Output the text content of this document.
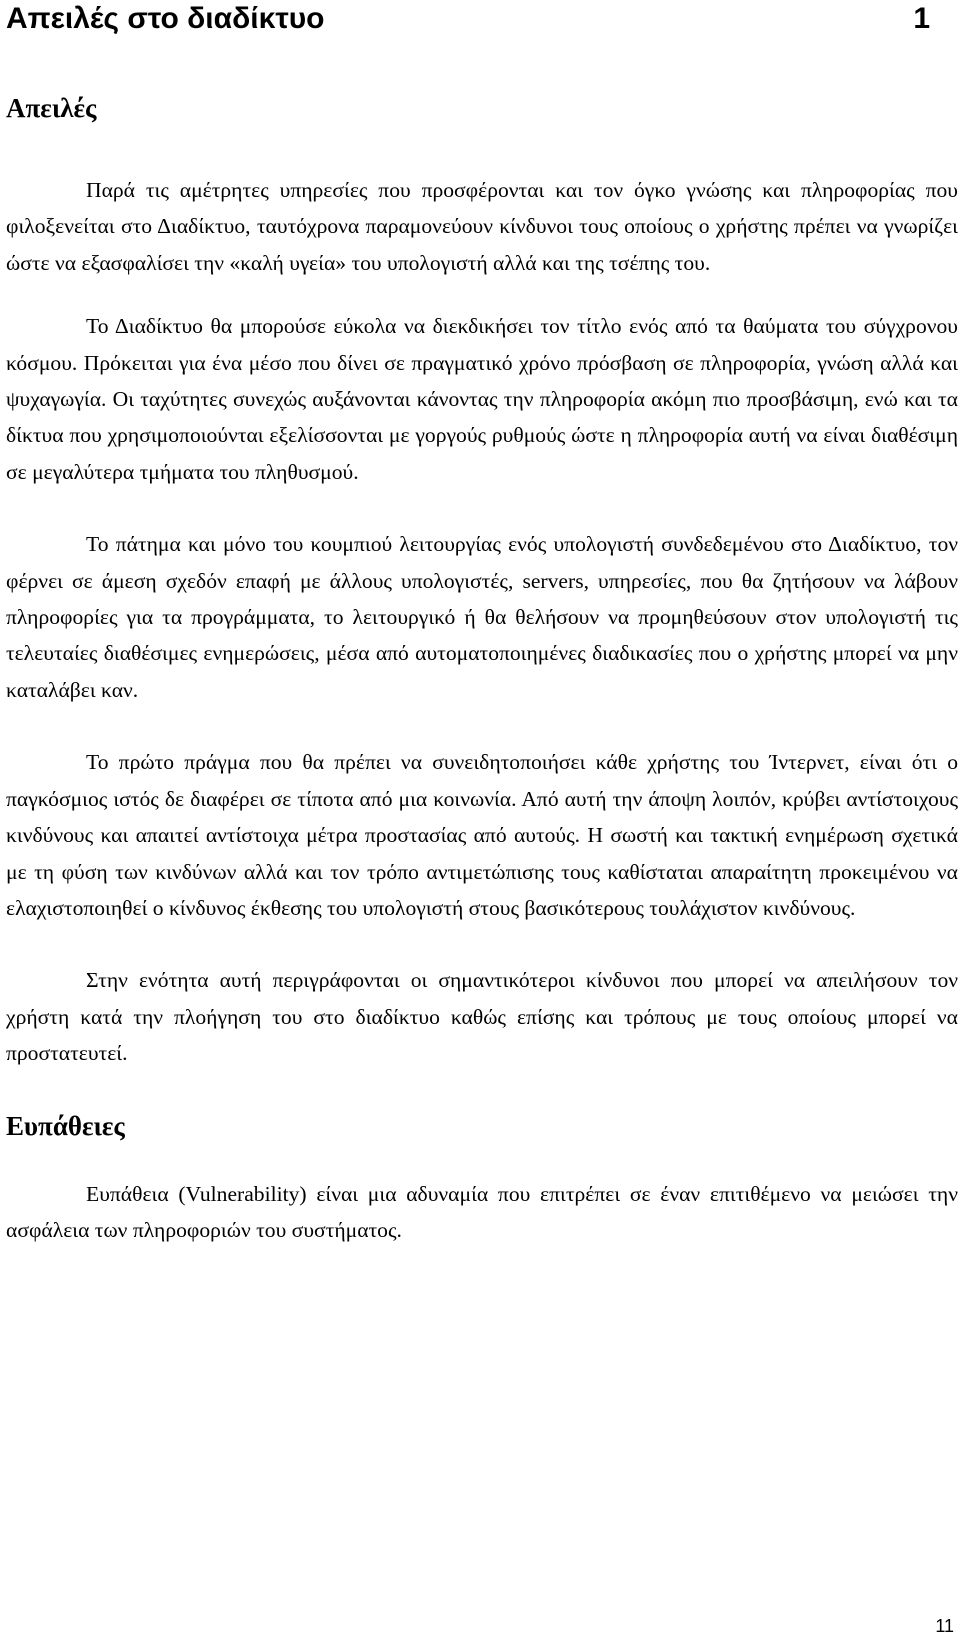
Απειλές στο διαδίκτυο	1
Απειλές

Παρά τις αμέτρητες υπηρεσίες που προσφέρονται και τον όγκο γνώσης και πληροφορίας που φιλοξενείται στο Διαδίκτυο, ταυτόχρονα παραμονεύουν κίνδυνοι τους οποίους ο χρήστης πρέπει να γνωρίζει ώστε να εξασφαλίσει την «καλή υγεία» του υπολογιστή αλλά και της τσέπης του.

Το Διαδίκτυο θα μπορούσε εύκολα να διεκδικήσει τον τίτλο ενός από τα θαύματα του σύγχρονου κόσμου. Πρόκειται για ένα μέσο που δίνει σε πραγματικό χρόνο πρόσβαση σε πληροφορία, γνώση αλλά και ψυχαγωγία. Οι ταχύτητες συνεχώς αυξάνονται κάνοντας την πληροφορία ακόμη πιο προσβάσιμη, ενώ και τα δίκτυα που χρησιμοποιούνται εξελίσσονται με γοργούς ρυθμούς ώστε η πληροφορία αυτή να είναι διαθέσιμη σε μεγαλύτερα τμήματα του πληθυσμού.

Το πάτημα και μόνο του κουμπιού λειτουργίας ενός υπολογιστή συνδεδεμένου στο Διαδίκτυο, τον φέρνει σε άμεση σχεδόν επαφή με άλλους υπολογιστές, servers, υπηρεσίες, που θα ζητήσουν να λάβουν πληροφορίες για τα προγράμματα, το λειτουργικό ή θα θελήσουν να προμηθεύσουν στον υπολογιστή τις τελευταίες διαθέσιμες ενημερώσεις, μέσα από αυτοματοποιημένες διαδικασίες που ο χρήστης μπορεί να μην καταλάβει καν.

Το πρώτο πράγμα που θα πρέπει να συνειδητοποιήσει κάθε χρήστης του Ίντερνετ, είναι ότι ο παγκόσμιος ιστός δε διαφέρει σε τίποτα από μια κοινωνία. Από αυτή την άποψη λοιπόν, κρύβει αντίστοιχους κινδύνους και απαιτεί αντίστοιχα μέτρα προστασίας από αυτούς. Η σωστή και τακτική ενημέρωση σχετικά με τη φύση των κινδύνων αλλά και τον τρόπο αντιμετώπισης τους καθίσταται απαραίτητη προκειμένου να ελαχιστοποιηθεί ο κίνδυνος έκθεσης του υπολογιστή στους βασικότερους τουλάχιστον κινδύνους.

Στην ενότητα αυτή περιγράφονται οι σημαντικότεροι κίνδυνοι που μπορεί να απειλήσουν τον χρήστη κατά την πλοήγηση του στο διαδίκτυο καθώς επίσης και τρόπους με τους οποίους μπορεί να προστατευτεί.

Ευπάθειες

Ευπάθεια (Vulnerability) είναι μια αδυναμία που επιτρέπει σε έναν επιτιθέμενο να μειώσει την ασφάλεια των πληροφοριών του συστήματος.

11
